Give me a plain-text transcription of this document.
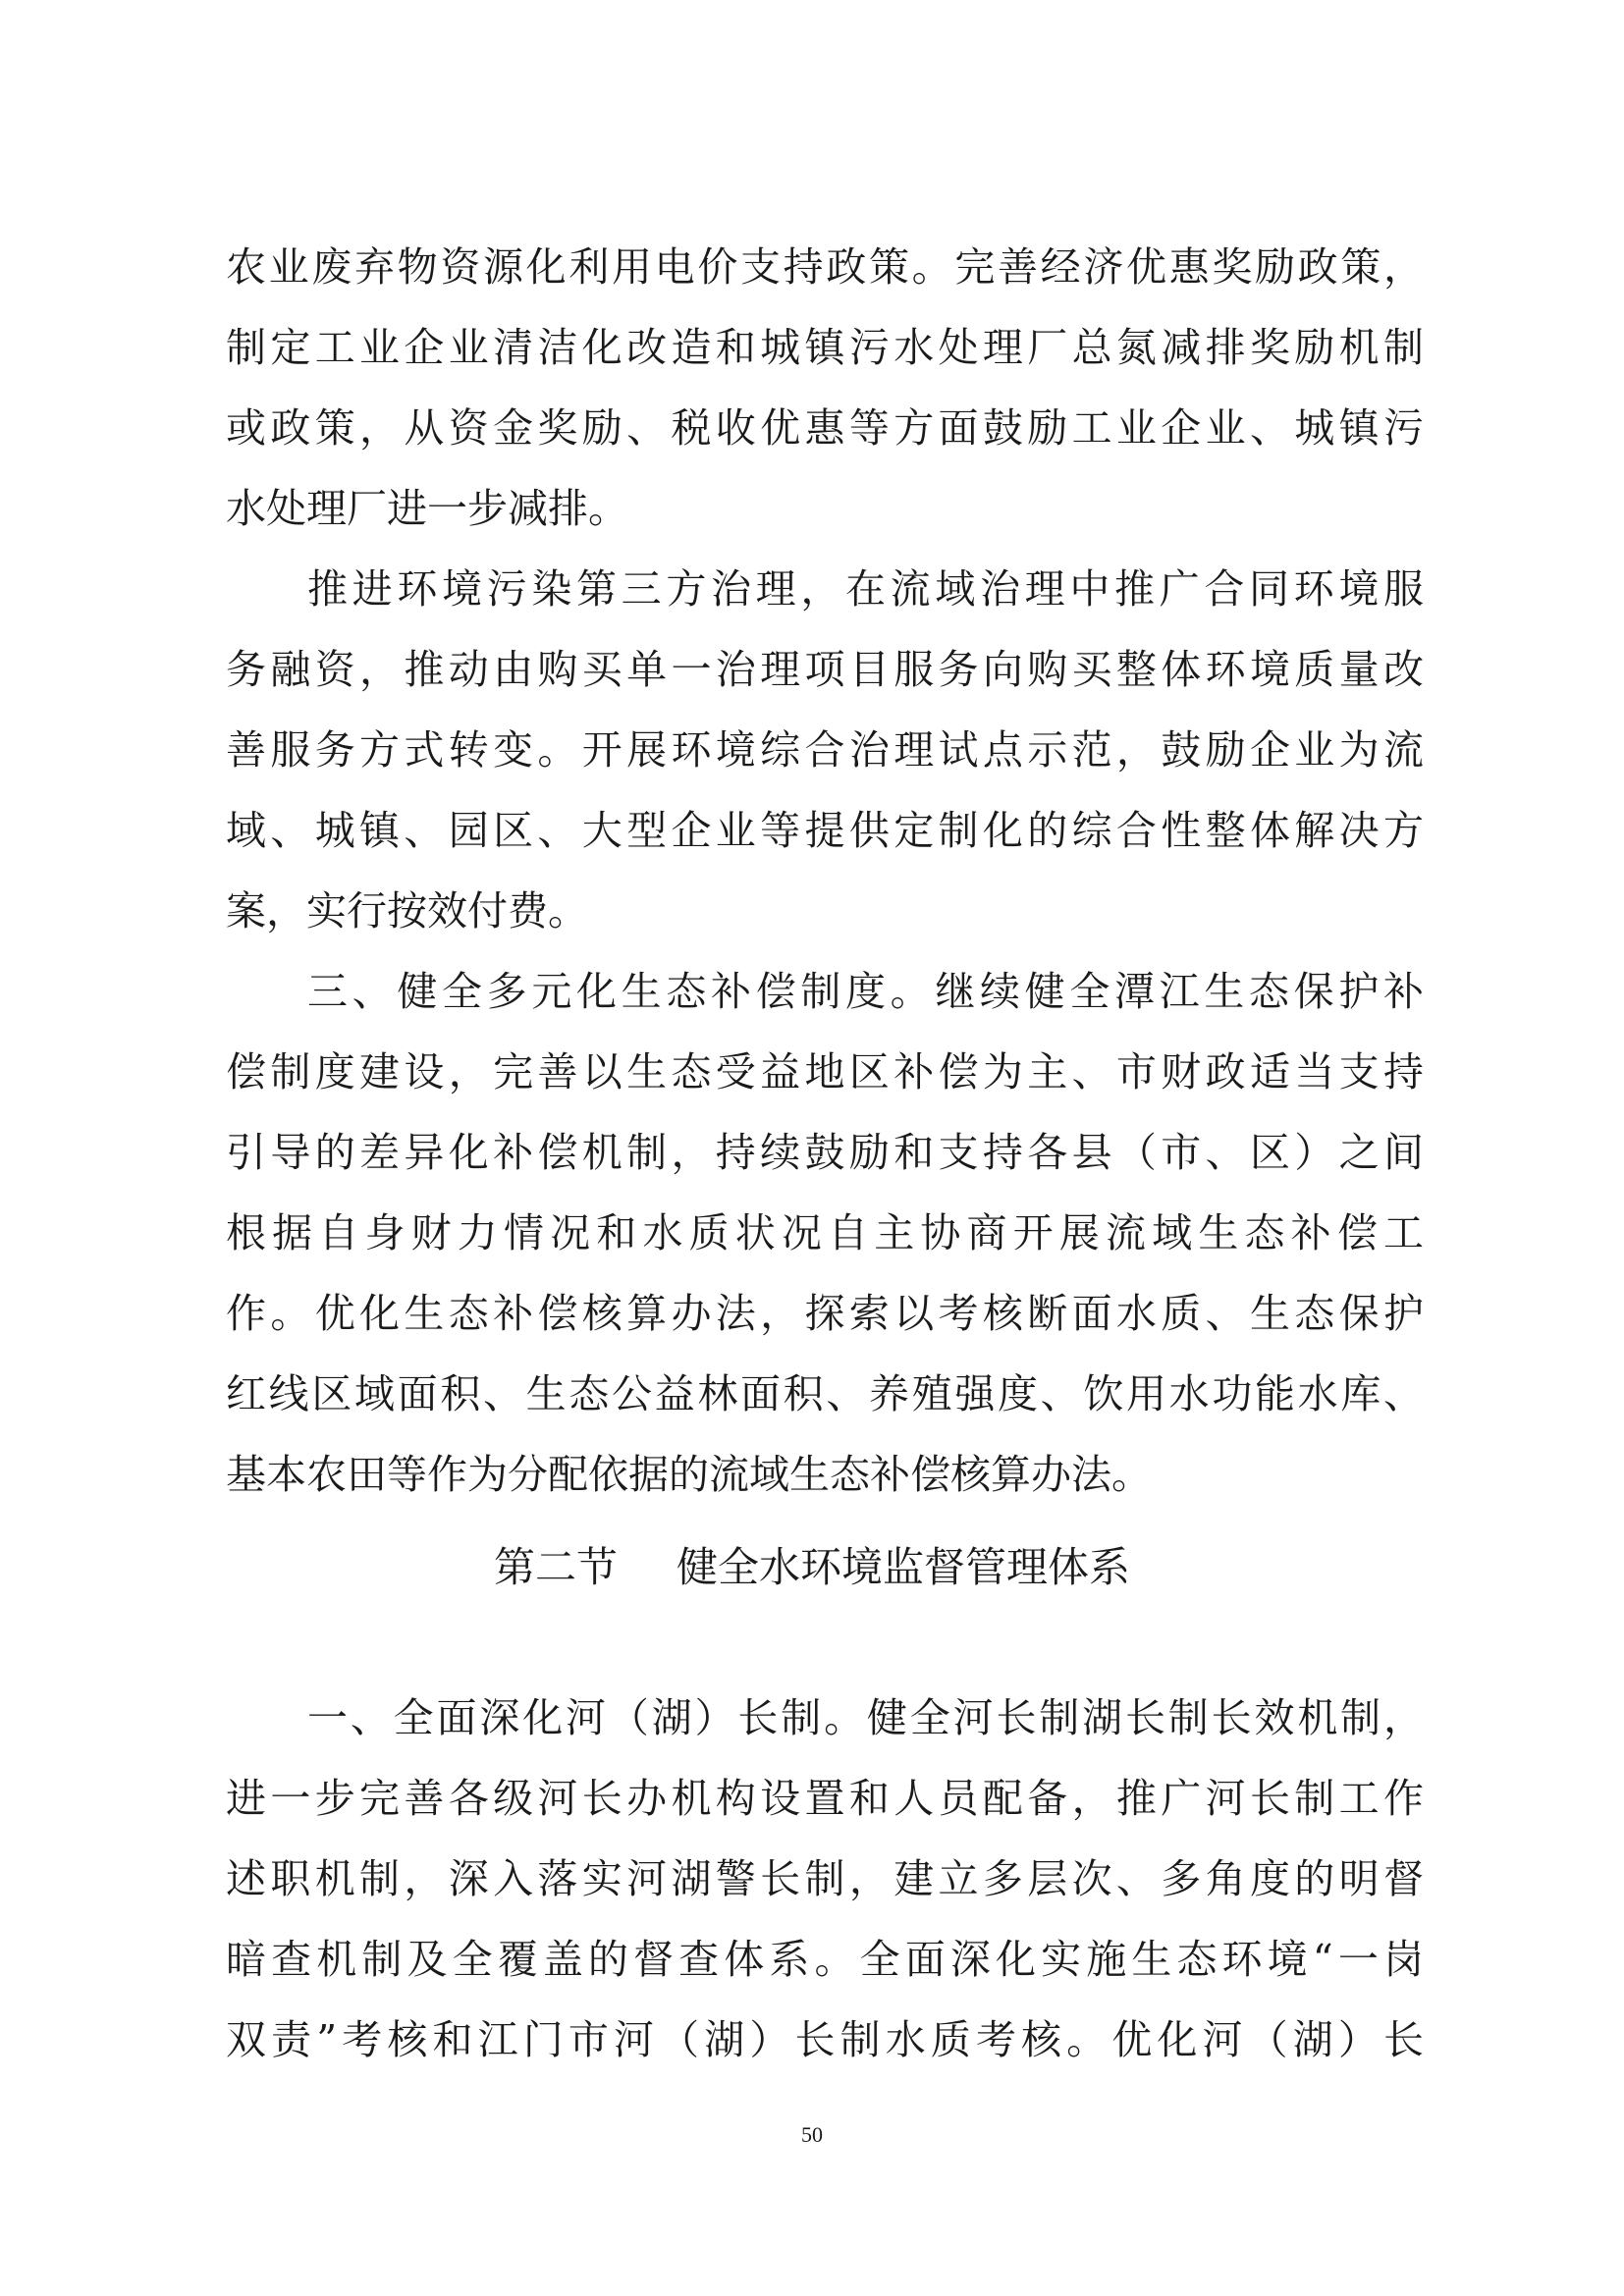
农业废弃物资源化利用电价支持政策。完善经济优惠奖励政策，
制定工业企业清洁化改造和城镇污水处理厂总氮减排奖励机制
或政策，从资金奖励、税收优惠等方面鼓励工业企业、城镇污
水处理厂进一步减排。
推进环境污染第三方治理，在流域治理中推广合同环境服
务融资，推动由购买单一治理项目服务向购买整体环境质量改
善服务方式转变。开展环境综合治理试点示范，鼓励企业为流
域、城镇、园区、大型企业等提供定制化的综合性整体解决方
案，实行按效付费。
三、健全多元化生态补偿制度。继续健全潭江生态保护补
偿制度建设，完善以生态受益地区补偿为主、市财政适当支持
引导的差异化补偿机制，持续鼓励和支持各县（市、区）之间
根据自身财力情况和水质状况自主协商开展流域生态补偿工
作。优化生态补偿核算办法，探索以考核断面水质、生态保护
红线区域面积、生态公益林面积、养殖强度、饮用水功能水库、
基本农田等作为分配依据的流域生态补偿核算办法。
第二节 健全水环境监督管理体系
一、全面深化河（湖）长制。健全河长制湖长制长效机制，
进一步完善各级河长办机构设置和人员配备，推广河长制工作
述职机制，深入落实河湖警长制，建立多层次、多角度的明督
暗查机制及全覆盖的督查体系。全面深化实施生态环境“一岗
双责”考核和江门市河（湖）长制水质考核。优化河（湖）长
50
